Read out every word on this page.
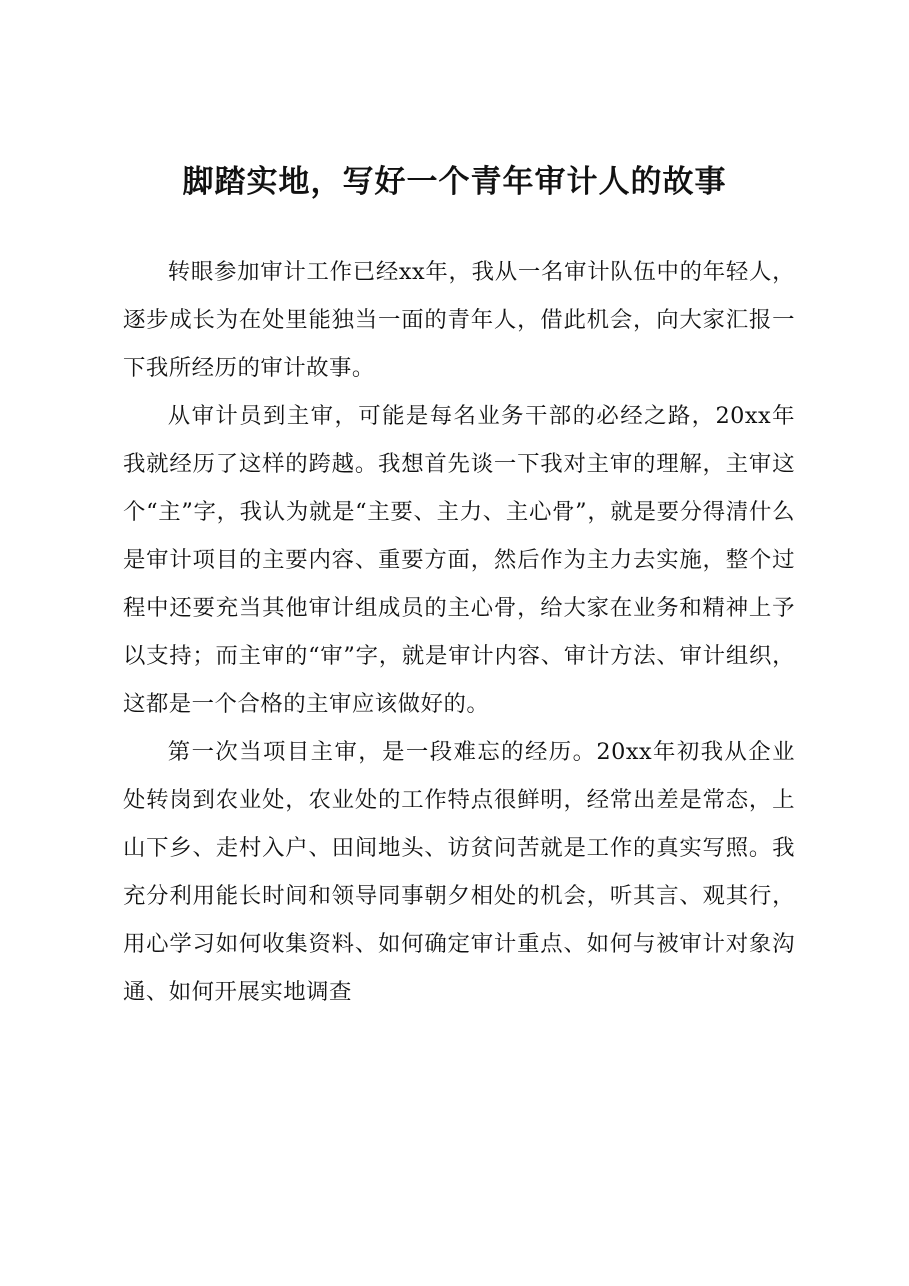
脚踏实地，写好一个青年审计人的故事

转眼参加审计工作已经xx年，我从一名审计队伍中的年轻人，逐步成长为在处里能独当一面的青年人，借此机会，向大家汇报一下我所经历的审计故事。

从审计员到主审，可能是每名业务干部的必经之路，20xx年我就经历了这样的跨越。我想首先谈一下我对主审的理解，主审这个“主”字，我认为就是“主要、主力、主心骨”，就是要分得清什么是审计项目的主要内容、重要方面，然后作为主力去实施，整个过程中还要充当其他审计组成员的主心骨，给大家在业务和精神上予以支持；而主审的“审”字，就是审计内容、审计方法、审计组织，这都是一个合格的主审应该做好的。

第一次当项目主审，是一段难忘的经历。20xx年初我从企业处转岗到农业处，农业处的工作特点很鲜明，经常出差是常态，上山下乡、走村入户、田间地头、访贫问苦就是工作的真实写照。我充分利用能长时间和领导同事朝夕相处的机会，听其言、观其行，用心学习如何收集资料、如何确定审计重点、如何与被审计对象沟通、如何开展实地调查
